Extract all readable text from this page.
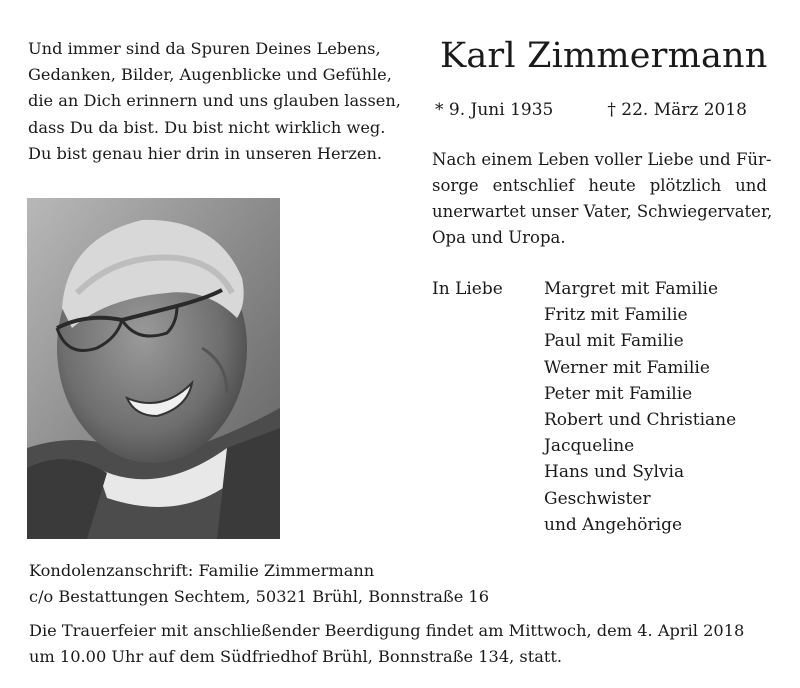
Und immer sind da Spuren Deines Lebens,
Gedanken, Bilder, Augenblicke und Gefühle,
die an Dich erinnern und uns glauben lassen,
dass Du da bist. Du bist nicht wirklich weg.
Du bist genau hier drin in unseren Herzen.
Karl Zimmermann
* 9. Juni 1935	† 22. März 2018
Nach einem Leben voller Liebe und Für-
sorge entschlief heute plötzlich und
unerwartet unser Vater, Schwiegervater,
Opa und Uropa.
In Liebe Margret mit Familie
Fritz mit Familie
Paul mit Familie
Werner mit Familie
Peter mit Familie
Robert und Christiane
Jacqueline
Hans und Sylvia
Geschwister
und Angehörige
Kondolenzanschrift: Familie Zimmermann
c/o Bestattungen Sechtem, 50321 Brühl, Bonnstraße 16
Die Trauerfeier mit anschließender Beerdigung findet am Mittwoch, dem 4. April 2018
um 10.00 Uhr auf dem Südfriedhof Brühl, Bonnstraße 134, statt.
